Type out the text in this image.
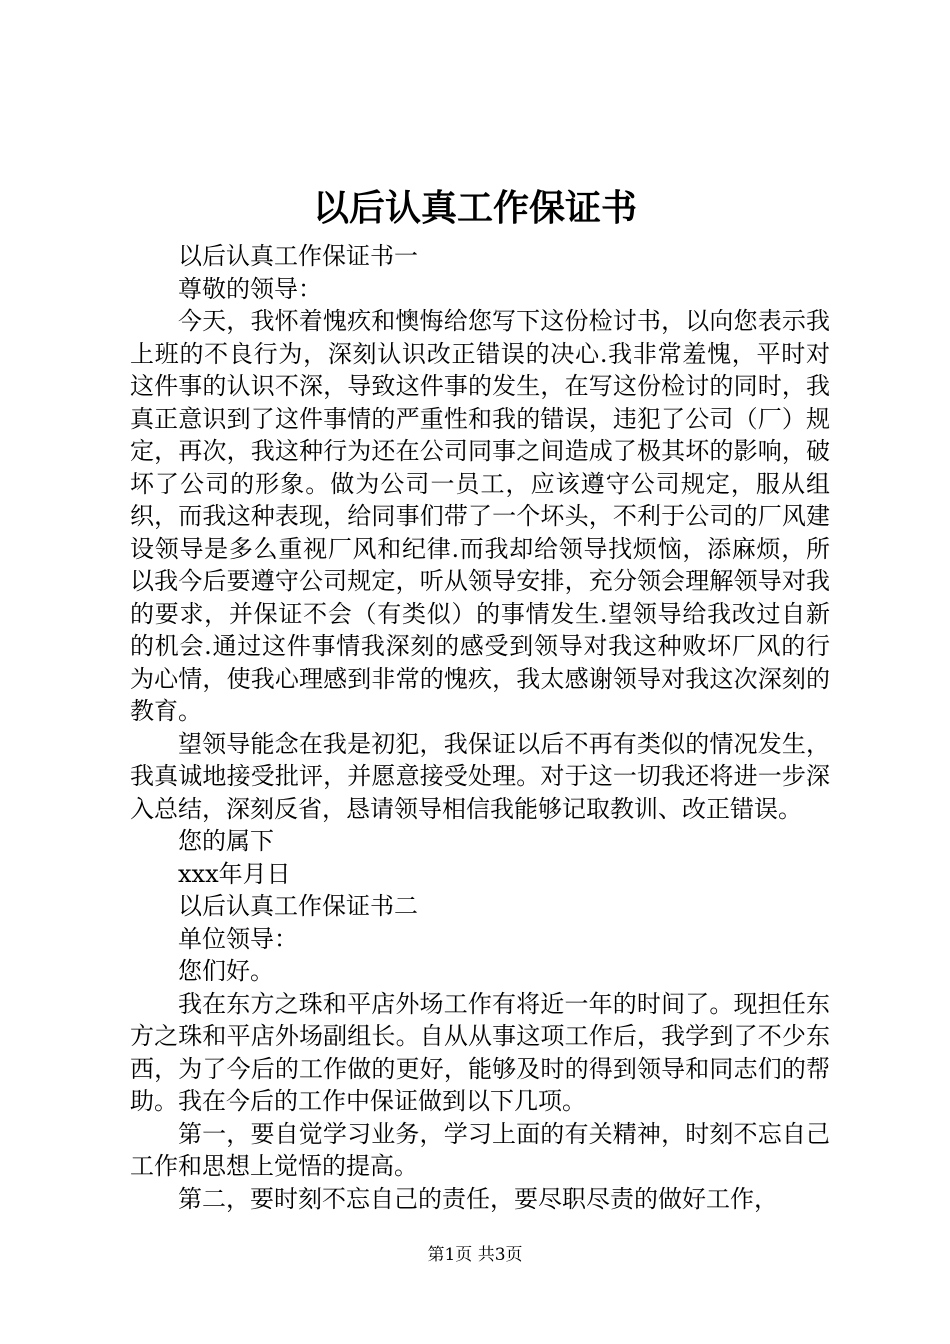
以后认真工作保证书

以后认真工作保证书一

尊敬的领导：

今天，我怀着愧疚和懊悔给您写下这份检讨书，以向您表示我上班的不良行为，深刻认识改正错误的决心.我非常羞愧，平时对这件事的认识不深，导致这件事的发生，在写这份检讨的同时，我真正意识到了这件事情的严重性和我的错误，违犯了公司（厂）规定，再次，我这种行为还在公司同事之间造成了极其坏的影响，破坏了公司的形象。做为公司一员工，应该遵守公司规定，服从组织，而我这种表现，给同事们带了一个坏头，不利于公司的厂风建设领导是多么重视厂风和纪律.而我却给领导找烦恼，添麻烦，所以我今后要遵守公司规定，听从领导安排，充分领会理解领导对我的要求，并保证不会（有类似）的事情发生.望领导给我改过自新的机会.通过这件事情我深刻的感受到领导对我这种败坏厂风的行为心情，使我心理感到非常的愧疚，我太感谢领导对我这次深刻的教育。

望领导能念在我是初犯，我保证以后不再有类似的情况发生，我真诚地接受批评，并愿意接受处理。对于这一切我还将进一步深入总结，深刻反省，恳请领导相信我能够记取教训、改正错误。

您的属下

xxx年月日

以后认真工作保证书二

单位领导：

您们好。

我在东方之珠和平店外场工作有将近一年的时间了。现担任东方之珠和平店外场副组长。自从从事这项工作后，我学到了不少东西，为了今后的工作做的更好，能够及时的得到领导和同志们的帮助。我在今后的工作中保证做到以下几项。

第一，要自觉学习业务，学习上面的有关精神，时刻不忘自己工作和思想上觉悟的提高。

第二，要时刻不忘自己的责任，要尽职尽责的做好工作，

第1页 共3页
